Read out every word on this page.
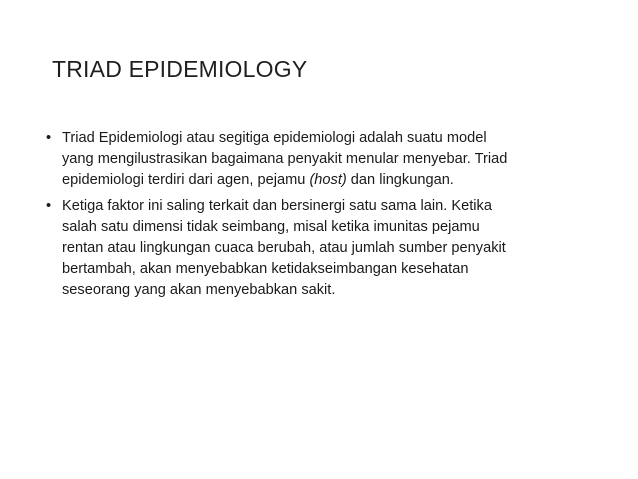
TRIAD EPIDEMIOLOGY
• Triad Epidemiologi atau segitiga epidemiologi adalah suatu model
yang mengilustrasikan bagaimana penyakit menular menyebar. Triad
epidemiologi terdiri dari agen, pejamu (host) dan lingkungan.
• Ketiga faktor ini saling terkait dan bersinergi satu sama lain. Ketika
salah satu dimensi tidak seimbang, misal ketika imunitas pejamu
rentan atau lingkungan cuaca berubah, atau jumlah sumber penyakit
bertambah, akan menyebabkan ketidakseimbangan kesehatan
seseorang yang akan menyebabkan sakit.
